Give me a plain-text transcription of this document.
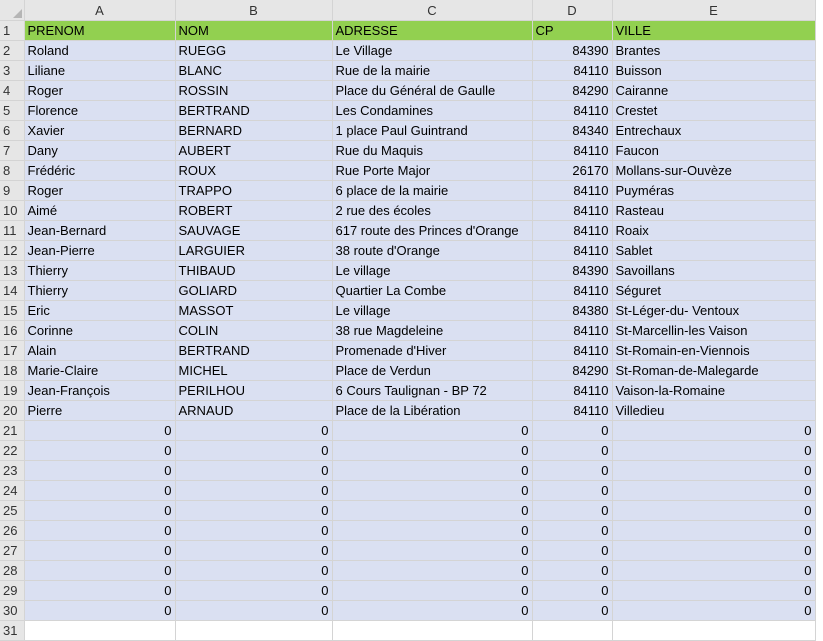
	A	B	C	D	E
1	PRENOM	NOM	ADRESSE	CP	VILLE
2	Roland	RUEGG	Le Village	84390	Brantes
3	Liliane	BLANC	Rue de la mairie	84110	Buisson
4	Roger	ROSSIN	Place du Général de Gaulle	84290	Cairanne
5	Florence	BERTRAND	Les Condamines	84110	Crestet
6	Xavier	BERNARD	1 place Paul Guintrand	84340	Entrechaux
7	Dany	AUBERT	Rue du Maquis	84110	Faucon
8	Frédéric	ROUX	Rue Porte Major	26170	Mollans-sur-Ouvèze
9	Roger	TRAPPO	6 place de la mairie	84110	Puyméras
10	Aimé	ROBERT	2 rue des écoles	84110	Rasteau
11	Jean-Bernard	SAUVAGE	617 route des Princes d'Orange	84110	Roaix
12	Jean-Pierre	LARGUIER	38 route d'Orange	84110	Sablet
13	Thierry	THIBAUD	Le village	84390	Savoillans
14	Thierry	GOLIARD	Quartier La Combe	84110	Séguret
15	Eric	MASSOT	Le village	84380	St-Léger-du- Ventoux
16	Corinne	COLIN	38 rue Magdeleine	84110	St-Marcellin-les Vaison
17	Alain	BERTRAND	Promenade d'Hiver	84110	St-Romain-en-Viennois
18	Marie-Claire	MICHEL	Place de Verdun	84290	St-Roman-de-Malegarde
19	Jean-François	PERILHOU	6 Cours Taulignan - BP 72	84110	Vaison-la-Romaine
20	Pierre	ARNAUD	Place de la Libération	84110	Villedieu
21	0	0	0	0	0
22	0	0	0	0	0
23	0	0	0	0	0
24	0	0	0	0	0
25	0	0	0	0	0
26	0	0	0	0	0
27	0	0	0	0	0
28	0	0	0	0	0
29	0	0	0	0	0
30	0	0	0	0	0
31					
